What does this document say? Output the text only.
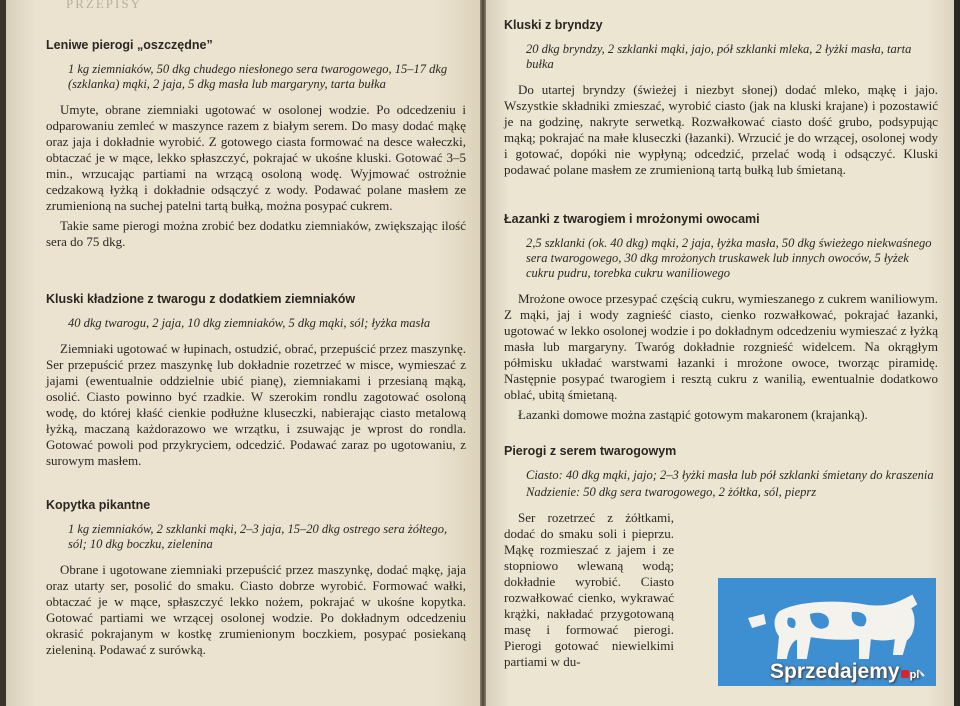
PRZEPISY
Leniwe pierogi „oszczędne”

1 kg ziemniaków, 50 dkg chudego niesłonego sera twarogowego, 15–17 dkg (szklanka) mąki, 2 jaja, 5 dkg masła lub margaryny, tarta bułka

Umyte, obrane ziemniaki ugotować w osolonej wodzie. Po odcedzeniu i odparowaniu zemleć w maszynce razem z białym serem. Do masy dodać mąkę oraz jaja i dokładnie wyrobić. Z gotowego ciasta formować na desce wałeczki, obtaczać je w mące, lekko spłaszczyć, pokrajać w ukośne kluski. Gotować 3–5 min., wrzucając partiami na wrzącą osoloną wodę. Wyjmować ostrożnie cedzakową łyżką i dokładnie odsączyć z wody. Podawać polane masłem ze zrumienioną na suchej patelni tartą bułką, można posypać cukrem.

Takie same pierogi można zrobić bez dodatku ziemniaków, zwiększając ilość sera do 75 dkg.

Kluski kładzione z twarogu z dodatkiem ziemniaków

40 dkg twarogu, 2 jaja, 10 dkg ziemniaków, 5 dkg mąki, sól; łyżka masła

Ziemniaki ugotować w łupinach, ostudzić, obrać, przepuścić przez maszynkę. Ser przepuścić przez maszynkę lub dokładnie rozetrzeć w misce, wymieszać z jajami (ewentualnie oddzielnie ubić pianę), ziemniakami i przesianą mąką, osolić. Ciasto powinno być rzadkie. W szerokim rondlu zagotować osoloną wodę, do której kłaść cienkie podłużne kluseczki, nabierając ciasto metalową łyżką, maczaną każdorazowo we wrzątku, i zsuwając je wprost do rondla. Gotować powoli pod przykryciem, odcedzić. Podawać zaraz po ugotowaniu, z surowym masłem.

Kopytka pikantne

1 kg ziemniaków, 2 szklanki mąki, 2–3 jaja, 15–20 dkg ostrego sera żółtego, sól; 10 dkg boczku, zielenina

Obrane i ugotowane ziemniaki przepuścić przez maszynkę, dodać mąkę, jaja oraz utarty ser, posolić do smaku. Ciasto dobrze wyrobić. Formować wałki, obtaczać je w mące, spłaszczyć lekko nożem, pokrajać w ukośne kopytka. Gotować partiami we wrzącej osolonej wodzie. Po dokładnym odcedzeniu okrasić pokrajanym w kostkę zrumienionym boczkiem, posypać posiekaną zieleniną. Podawać z surówką.

Kluski z bryndzy

20 dkg bryndzy, 2 szklanki mąki, jajo, pół szklanki mleka, 2 łyżki masła, tarta bułka

Do utartej bryndzy (świeżej i niezbyt słonej) dodać mleko, mąkę i jajo. Wszystkie składniki zmieszać, wyrobić ciasto (jak na kluski krajane) i pozostawić je na godzinę, nakryte serwetką. Rozwałkować ciasto dość grubo, podsypując mąką; pokrajać na małe kluseczki (łazanki). Wrzucić je do wrzącej, osolonej wody i gotować, dopóki nie wypłyną; odcedzić, przelać wodą i odsączyć. Kluski podawać polane masłem ze zrumienioną tartą bułką lub śmietaną.

Łazanki z twarogiem i mrożonymi owocami

2,5 szklanki (ok. 40 dkg) mąki, 2 jaja, łyżka masła, 50 dkg świeżego niekwaśnego sera twarogowego, 30 dkg mrożonych truskawek lub innych owoców, 5 łyżek cukru pudru, torebka cukru waniliowego

Mrożone owoce przesypać częścią cukru, wymieszanego z cukrem waniliowym. Z mąki, jaj i wody zagnieść ciasto, cienko rozwałkować, pokrajać łazanki, ugotować w lekko osolonej wodzie i po dokładnym odcedzeniu wymieszać z łyżką masła lub margaryny. Twaróg dokładnie rozgnieść widelcem. Na okrągłym półmisku układać warstwami łazanki i mrożone owoce, tworząc piramidę. Następnie posypać twarogiem i resztą cukru z wanilią, ewentualnie dodatkowo oblać, ubitą śmietaną.

Łazanki domowe można zastąpić gotowym makaronem (krajanką).

Pierogi z serem twarogowym

Ciasto: 40 dkg mąki, jajo; 2–3 łyżki masła lub pół szklanki śmietany do kraszenia

Nadzienie: 50 dkg sera twarogowego, 2 żółtka, sól, pieprz

Ser rozetrzeć z żółtkami, dodać do smaku soli i pieprzu. Mąkę rozmieszać z jajem i ze stopniowo wlewaną wodą; dokładnie wyrobić. Ciasto rozwałkować cienko, wykrawać krążki, nakładać przygotowaną masę i formować pierogi. Pierogi gotować niewielkimi partiami w du-	Sprzedajemy pl
